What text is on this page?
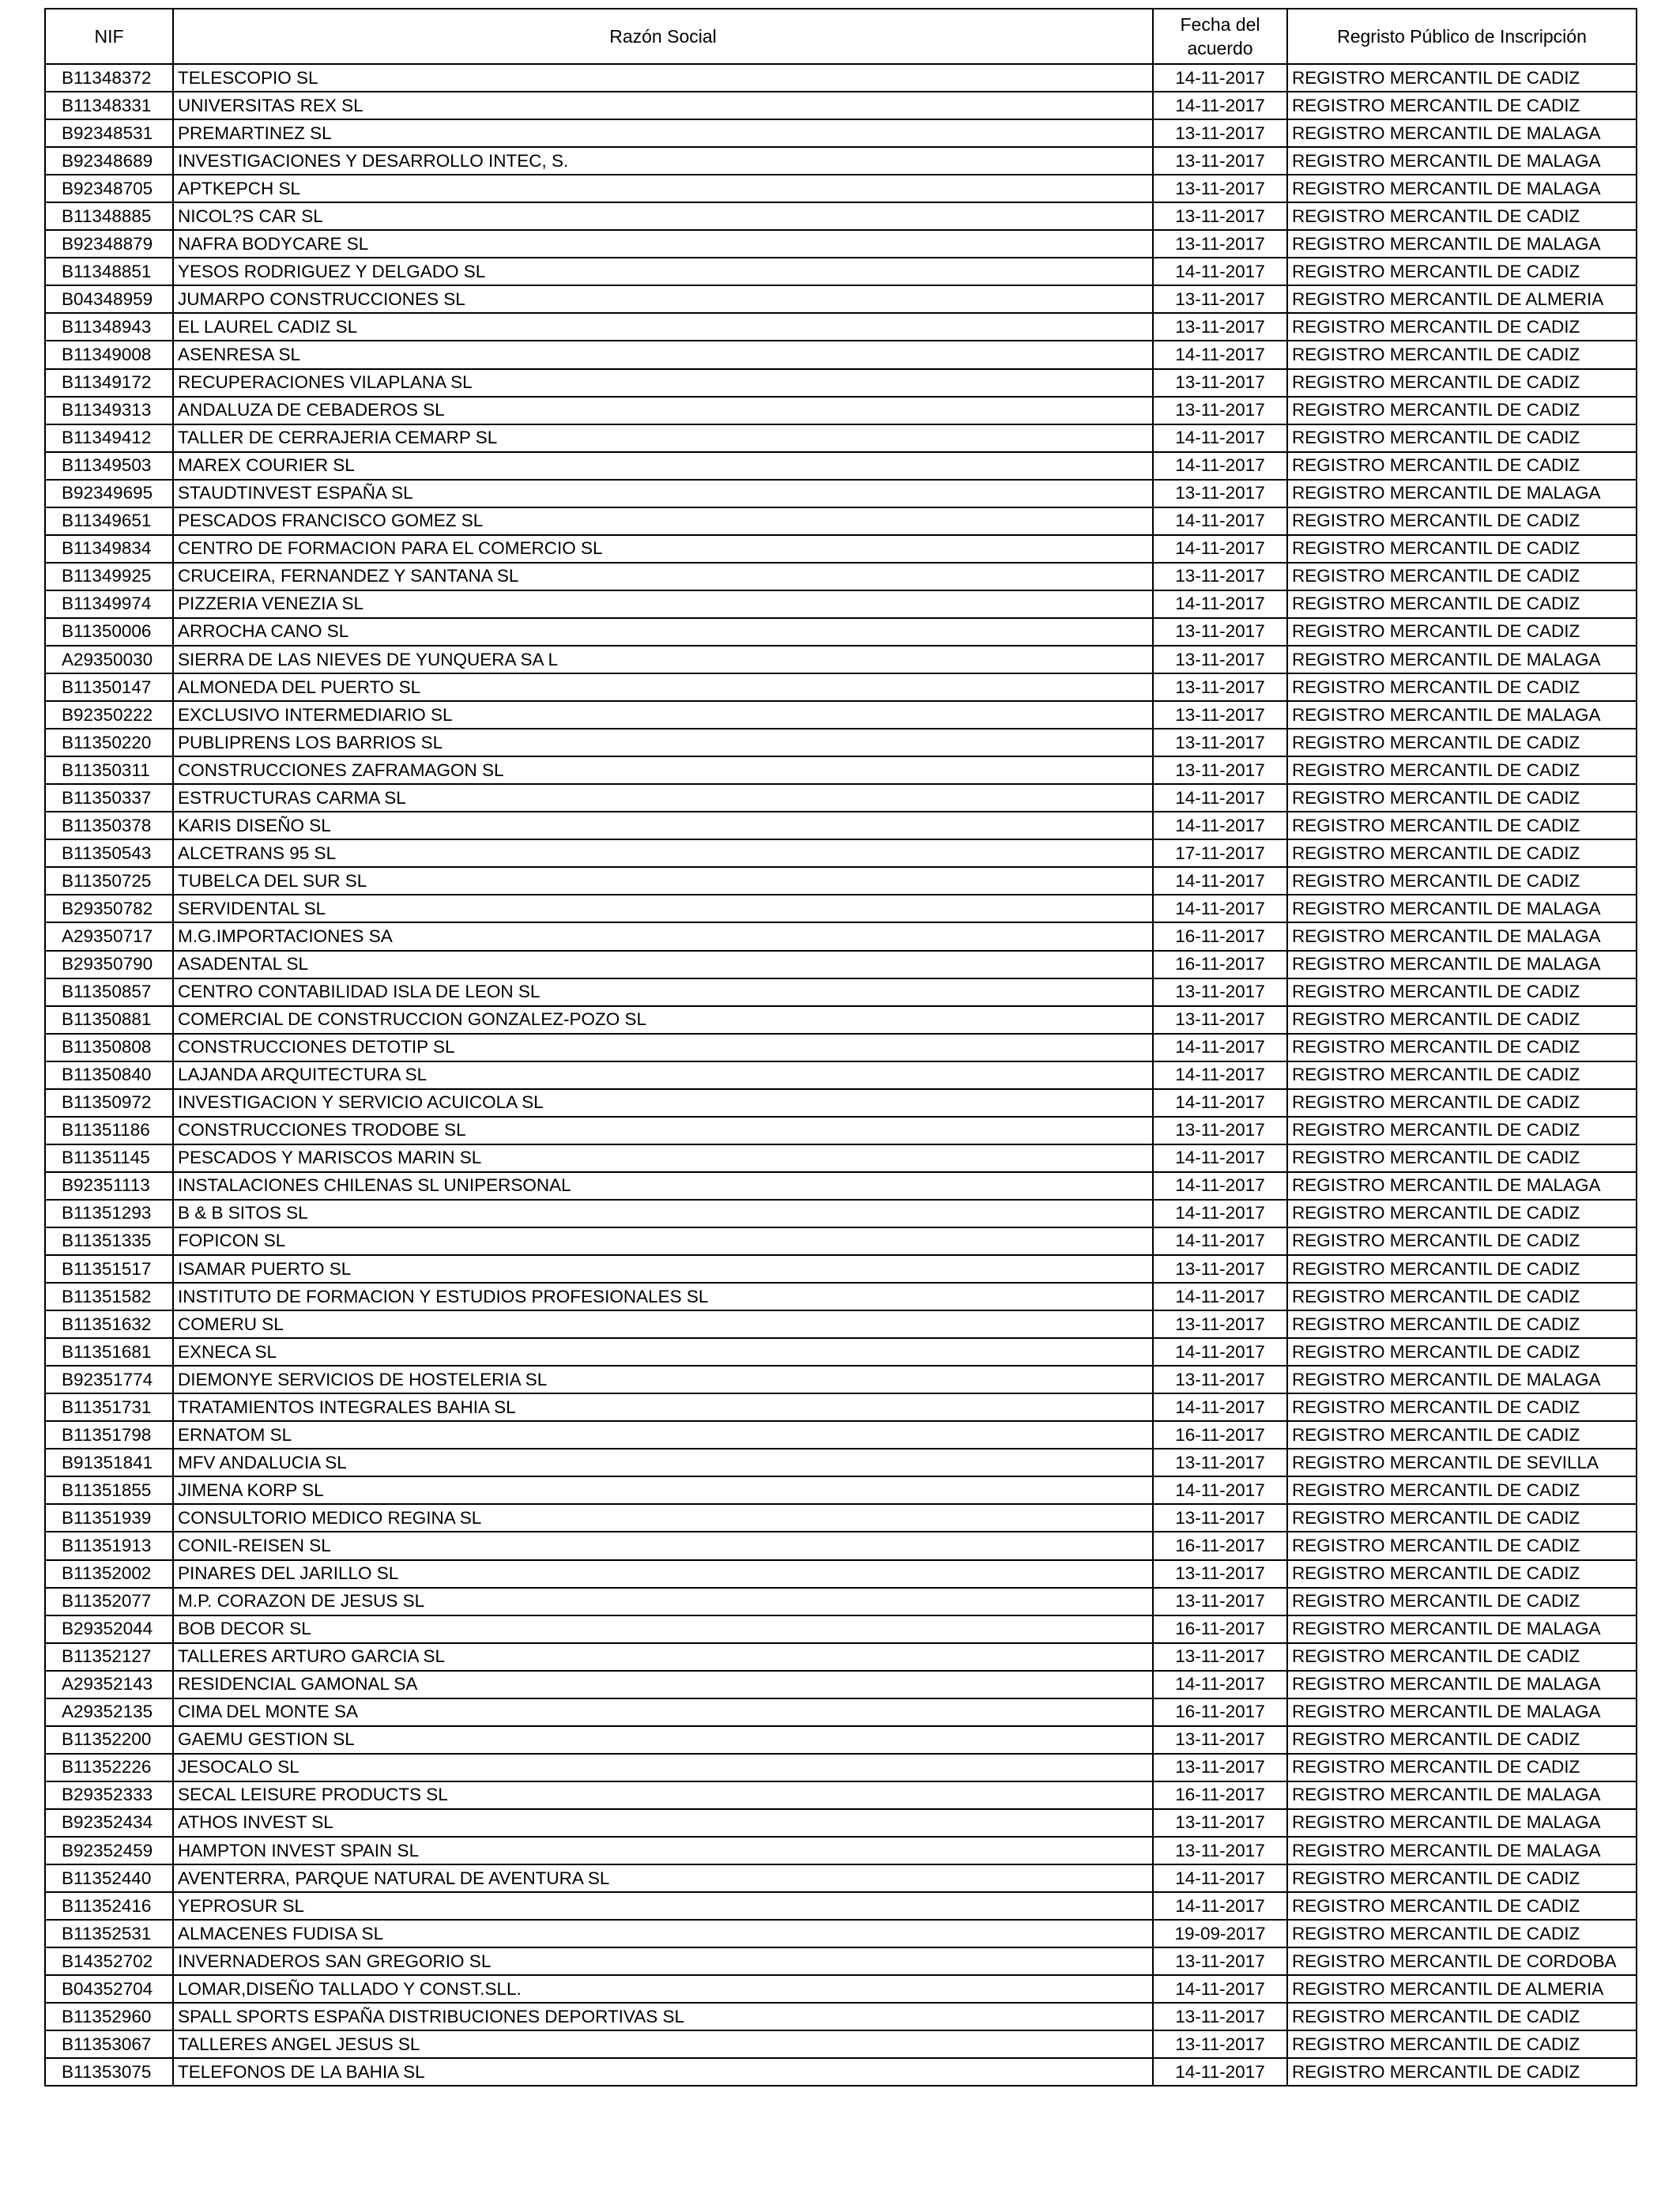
NIF	Razón Social	Fecha del acuerdo	Regristo Público de Inscripción
B11348372	TELESCOPIO SL	14-11-2017	REGISTRO MERCANTIL DE CADIZ
B11348331	UNIVERSITAS REX SL	14-11-2017	REGISTRO MERCANTIL DE CADIZ
B92348531	PREMARTINEZ SL	13-11-2017	REGISTRO MERCANTIL DE MALAGA
B92348689	INVESTIGACIONES Y DESARROLLO INTEC, S.	13-11-2017	REGISTRO MERCANTIL DE MALAGA
B92348705	APTKEPCH SL	13-11-2017	REGISTRO MERCANTIL DE MALAGA
B11348885	NICOL?S CAR SL	13-11-2017	REGISTRO MERCANTIL DE CADIZ
B92348879	NAFRA BODYCARE SL	13-11-2017	REGISTRO MERCANTIL DE MALAGA
B11348851	YESOS RODRIGUEZ Y DELGADO SL	14-11-2017	REGISTRO MERCANTIL DE CADIZ
B04348959	JUMARPO CONSTRUCCIONES SL	13-11-2017	REGISTRO MERCANTIL DE ALMERIA
B11348943	EL LAUREL CADIZ SL	13-11-2017	REGISTRO MERCANTIL DE CADIZ
B11349008	ASENRESA SL	14-11-2017	REGISTRO MERCANTIL DE CADIZ
B11349172	RECUPERACIONES VILAPLANA SL	13-11-2017	REGISTRO MERCANTIL DE CADIZ
B11349313	ANDALUZA DE CEBADEROS SL	13-11-2017	REGISTRO MERCANTIL DE CADIZ
B11349412	TALLER DE CERRAJERIA CEMARP SL	14-11-2017	REGISTRO MERCANTIL DE CADIZ
B11349503	MAREX COURIER SL	14-11-2017	REGISTRO MERCANTIL DE CADIZ
B92349695	STAUDTINVEST ESPAÑA SL	13-11-2017	REGISTRO MERCANTIL DE MALAGA
B11349651	PESCADOS FRANCISCO GOMEZ SL	14-11-2017	REGISTRO MERCANTIL DE CADIZ
B11349834	CENTRO DE FORMACION PARA EL COMERCIO SL	14-11-2017	REGISTRO MERCANTIL DE CADIZ
B11349925	CRUCEIRA, FERNANDEZ Y SANTANA SL	13-11-2017	REGISTRO MERCANTIL DE CADIZ
B11349974	PIZZERIA VENEZIA SL	14-11-2017	REGISTRO MERCANTIL DE CADIZ
B11350006	ARROCHA CANO SL	13-11-2017	REGISTRO MERCANTIL DE CADIZ
A29350030	SIERRA DE LAS NIEVES DE YUNQUERA SA L	13-11-2017	REGISTRO MERCANTIL DE MALAGA
B11350147	ALMONEDA DEL PUERTO SL	13-11-2017	REGISTRO MERCANTIL DE CADIZ
B92350222	EXCLUSIVO INTERMEDIARIO SL	13-11-2017	REGISTRO MERCANTIL DE MALAGA
B11350220	PUBLIPRENS LOS BARRIOS SL	13-11-2017	REGISTRO MERCANTIL DE CADIZ
B11350311	CONSTRUCCIONES ZAFRAMAGON SL	13-11-2017	REGISTRO MERCANTIL DE CADIZ
B11350337	ESTRUCTURAS CARMA SL	14-11-2017	REGISTRO MERCANTIL DE CADIZ
B11350378	KARIS DISEÑO SL	14-11-2017	REGISTRO MERCANTIL DE CADIZ
B11350543	ALCETRANS 95 SL	17-11-2017	REGISTRO MERCANTIL DE CADIZ
B11350725	TUBELCA DEL SUR SL	14-11-2017	REGISTRO MERCANTIL DE CADIZ
B29350782	SERVIDENTAL SL	14-11-2017	REGISTRO MERCANTIL DE MALAGA
A29350717	M.G.IMPORTACIONES SA	16-11-2017	REGISTRO MERCANTIL DE MALAGA
B29350790	ASADENTAL SL	16-11-2017	REGISTRO MERCANTIL DE MALAGA
B11350857	CENTRO CONTABILIDAD ISLA DE LEON SL	13-11-2017	REGISTRO MERCANTIL DE CADIZ
B11350881	COMERCIAL DE CONSTRUCCION GONZALEZ-POZO SL	13-11-2017	REGISTRO MERCANTIL DE CADIZ
B11350808	CONSTRUCCIONES DETOTIP SL	14-11-2017	REGISTRO MERCANTIL DE CADIZ
B11350840	LAJANDA ARQUITECTURA SL	14-11-2017	REGISTRO MERCANTIL DE CADIZ
B11350972	INVESTIGACION Y SERVICIO ACUICOLA SL	14-11-2017	REGISTRO MERCANTIL DE CADIZ
B11351186	CONSTRUCCIONES TRODOBE SL	13-11-2017	REGISTRO MERCANTIL DE CADIZ
B11351145	PESCADOS Y MARISCOS MARIN SL	14-11-2017	REGISTRO MERCANTIL DE CADIZ
B92351113	INSTALACIONES CHILENAS SL UNIPERSONAL	14-11-2017	REGISTRO MERCANTIL DE MALAGA
B11351293	B & B SITOS SL	14-11-2017	REGISTRO MERCANTIL DE CADIZ
B11351335	FOPICON SL	14-11-2017	REGISTRO MERCANTIL DE CADIZ
B11351517	ISAMAR PUERTO SL	13-11-2017	REGISTRO MERCANTIL DE CADIZ
B11351582	INSTITUTO DE FORMACION Y ESTUDIOS PROFESIONALES SL	14-11-2017	REGISTRO MERCANTIL DE CADIZ
B11351632	COMERU SL	13-11-2017	REGISTRO MERCANTIL DE CADIZ
B11351681	EXNECA SL	14-11-2017	REGISTRO MERCANTIL DE CADIZ
B92351774	DIEMONYE SERVICIOS DE HOSTELERIA SL	13-11-2017	REGISTRO MERCANTIL DE MALAGA
B11351731	TRATAMIENTOS INTEGRALES BAHIA SL	14-11-2017	REGISTRO MERCANTIL DE CADIZ
B11351798	ERNATOM SL	16-11-2017	REGISTRO MERCANTIL DE CADIZ
B91351841	MFV ANDALUCIA SL	13-11-2017	REGISTRO MERCANTIL DE SEVILLA
B11351855	JIMENA KORP SL	14-11-2017	REGISTRO MERCANTIL DE CADIZ
B11351939	CONSULTORIO MEDICO REGINA SL	13-11-2017	REGISTRO MERCANTIL DE CADIZ
B11351913	CONIL-REISEN SL	16-11-2017	REGISTRO MERCANTIL DE CADIZ
B11352002	PINARES DEL JARILLO SL	13-11-2017	REGISTRO MERCANTIL DE CADIZ
B11352077	M.P. CORAZON DE JESUS SL	13-11-2017	REGISTRO MERCANTIL DE CADIZ
B29352044	BOB DECOR SL	16-11-2017	REGISTRO MERCANTIL DE MALAGA
B11352127	TALLERES ARTURO GARCIA SL	13-11-2017	REGISTRO MERCANTIL DE CADIZ
A29352143	RESIDENCIAL GAMONAL SA	14-11-2017	REGISTRO MERCANTIL DE MALAGA
A29352135	CIMA DEL MONTE SA	16-11-2017	REGISTRO MERCANTIL DE MALAGA
B11352200	GAEMU GESTION SL	13-11-2017	REGISTRO MERCANTIL DE CADIZ
B11352226	JESOCALO SL	13-11-2017	REGISTRO MERCANTIL DE CADIZ
B29352333	SECAL LEISURE PRODUCTS SL	16-11-2017	REGISTRO MERCANTIL DE MALAGA
B92352434	ATHOS INVEST SL	13-11-2017	REGISTRO MERCANTIL DE MALAGA
B92352459	HAMPTON INVEST SPAIN SL	13-11-2017	REGISTRO MERCANTIL DE MALAGA
B11352440	AVENTERRA, PARQUE NATURAL DE AVENTURA SL	14-11-2017	REGISTRO MERCANTIL DE CADIZ
B11352416	YEPROSUR SL	14-11-2017	REGISTRO MERCANTIL DE CADIZ
B11352531	ALMACENES FUDISA SL	19-09-2017	REGISTRO MERCANTIL DE CADIZ
B14352702	INVERNADEROS SAN GREGORIO SL	13-11-2017	REGISTRO MERCANTIL DE CORDOBA
B04352704	LOMAR,DISEÑO TALLADO Y CONST.SLL.	14-11-2017	REGISTRO MERCANTIL DE ALMERIA
B11352960	SPALL SPORTS ESPAÑA DISTRIBUCIONES DEPORTIVAS SL	13-11-2017	REGISTRO MERCANTIL DE CADIZ
B11353067	TALLERES ANGEL JESUS SL	13-11-2017	REGISTRO MERCANTIL DE CADIZ
B11353075	TELEFONOS DE LA BAHIA SL	14-11-2017	REGISTRO MERCANTIL DE CADIZ
